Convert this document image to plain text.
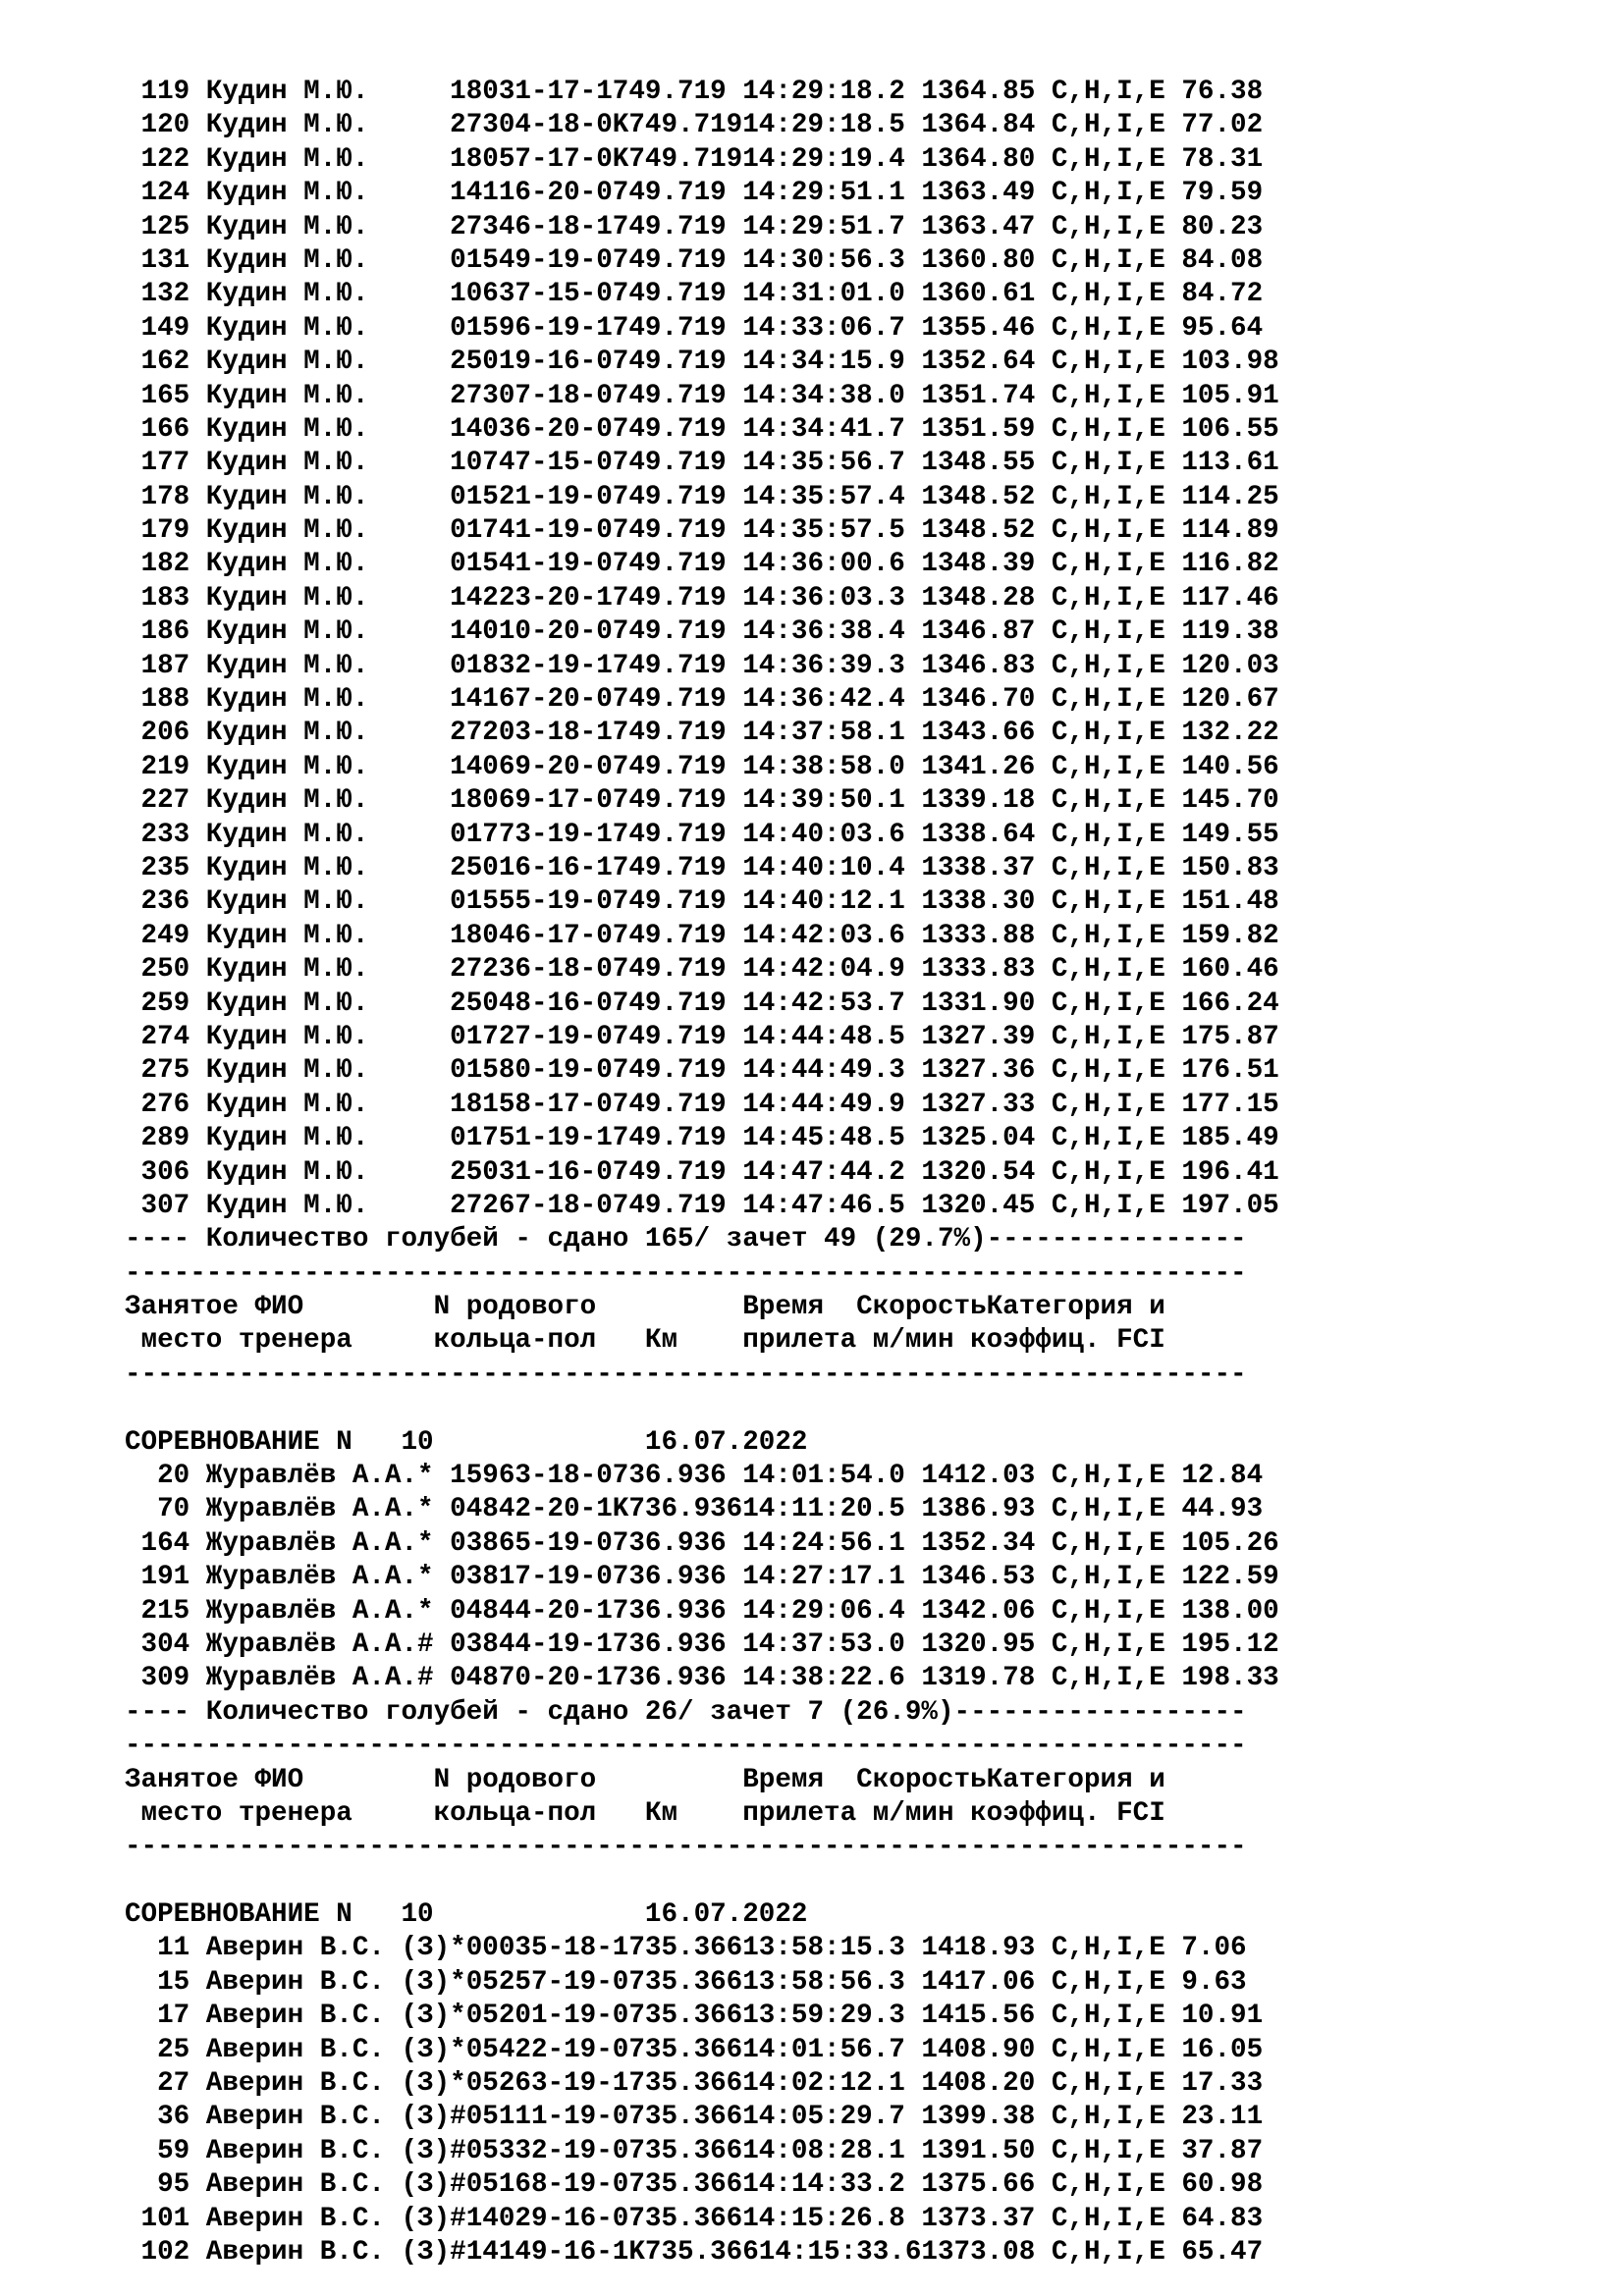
119 Кудин М.Ю.     18031-17-1749.719 14:29:18.2 1364.85 C,H,I,E 76.38
120 Кудин М.Ю.     27304-18-0K749.71914:29:18.5 1364.84 C,H,I,E 77.02
122 Кудин М.Ю.     18057-17-0K749.71914:29:19.4 1364.80 C,H,I,E 78.31
124 Кудин М.Ю.     14116-20-0749.719 14:29:51.1 1363.49 C,H,I,E 79.59
125 Кудин М.Ю.     27346-18-1749.719 14:29:51.7 1363.47 C,H,I,E 80.23
131 Кудин М.Ю.     01549-19-0749.719 14:30:56.3 1360.80 C,H,I,E 84.08
132 Кудин М.Ю.     10637-15-0749.719 14:31:01.0 1360.61 C,H,I,E 84.72
149 Кудин М.Ю.     01596-19-1749.719 14:33:06.7 1355.46 C,H,I,E 95.64
162 Кудин М.Ю.     25019-16-0749.719 14:34:15.9 1352.64 C,H,I,E 103.98
165 Кудин М.Ю.     27307-18-0749.719 14:34:38.0 1351.74 C,H,I,E 105.91
166 Кудин М.Ю.     14036-20-0749.719 14:34:41.7 1351.59 C,H,I,E 106.55
177 Кудин М.Ю.     10747-15-0749.719 14:35:56.7 1348.55 C,H,I,E 113.61
178 Кудин М.Ю.     01521-19-0749.719 14:35:57.4 1348.52 C,H,I,E 114.25
179 Кудин М.Ю.     01741-19-0749.719 14:35:57.5 1348.52 C,H,I,E 114.89
182 Кудин М.Ю.     01541-19-0749.719 14:36:00.6 1348.39 C,H,I,E 116.82
183 Кудин М.Ю.     14223-20-1749.719 14:36:03.3 1348.28 C,H,I,E 117.46
186 Кудин М.Ю.     14010-20-0749.719 14:36:38.4 1346.87 C,H,I,E 119.38
187 Кудин М.Ю.     01832-19-1749.719 14:36:39.3 1346.83 C,H,I,E 120.03
188 Кудин М.Ю.     14167-20-0749.719 14:36:42.4 1346.70 C,H,I,E 120.67
206 Кудин М.Ю.     27203-18-1749.719 14:37:58.1 1343.66 C,H,I,E 132.22
219 Кудин М.Ю.     14069-20-0749.719 14:38:58.0 1341.26 C,H,I,E 140.56
227 Кудин М.Ю.     18069-17-0749.719 14:39:50.1 1339.18 C,H,I,E 145.70
233 Кудин М.Ю.     01773-19-1749.719 14:40:03.6 1338.64 C,H,I,E 149.55
235 Кудин М.Ю.     25016-16-1749.719 14:40:10.4 1338.37 C,H,I,E 150.83
236 Кудин М.Ю.     01555-19-0749.719 14:40:12.1 1338.30 C,H,I,E 151.48
249 Кудин М.Ю.     18046-17-0749.719 14:42:03.6 1333.88 C,H,I,E 159.82
250 Кудин М.Ю.     27236-18-0749.719 14:42:04.9 1333.83 C,H,I,E 160.46
259 Кудин М.Ю.     25048-16-0749.719 14:42:53.7 1331.90 C,H,I,E 166.24
274 Кудин М.Ю.     01727-19-0749.719 14:44:48.5 1327.39 C,H,I,E 175.87
275 Кудин М.Ю.     01580-19-0749.719 14:44:49.3 1327.36 C,H,I,E 176.51
276 Кудин М.Ю.     18158-17-0749.719 14:44:49.9 1327.33 C,H,I,E 177.15
289 Кудин М.Ю.     01751-19-1749.719 14:45:48.5 1325.04 C,H,I,E 185.49
306 Кудин М.Ю.     25031-16-0749.719 14:47:44.2 1320.54 C,H,I,E 196.41
307 Кудин М.Ю.     27267-18-0749.719 14:47:46.5 1320.45 C,H,I,E 197.05
---- Количество голубей - сдано 165/ зачет 49 (29.7%)----------------
---------------------------------------------------------------------
Занятое ФИО        N родового         Время  СкоростьКатегория и
место тренера     кольца-пол   Км    прилета м/мин коэффиц. FCI
---------------------------------------------------------------------

СОРЕВНОВАНИЕ N   10             16.07.2022
20 Журавлёв А.А.* 15963-18-0736.936 14:01:54.0 1412.03 C,H,I,E 12.84
70 Журавлёв А.А.* 04842-20-1K736.93614:11:20.5 1386.93 C,H,I,E 44.93
164 Журавлёв А.А.* 03865-19-0736.936 14:24:56.1 1352.34 C,H,I,E 105.26
191 Журавлёв А.А.* 03817-19-0736.936 14:27:17.1 1346.53 C,H,I,E 122.59
215 Журавлёв А.А.* 04844-20-1736.936 14:29:06.4 1342.06 C,H,I,E 138.00
304 Журавлёв А.А.# 03844-19-1736.936 14:37:53.0 1320.95 C,H,I,E 195.12
309 Журавлёв А.А.# 04870-20-1736.936 14:38:22.6 1319.78 C,H,I,E 198.33
---- Количество голубей - сдано 26/ зачет 7 (26.9%)------------------
---------------------------------------------------------------------
Занятое ФИО        N родового         Время  СкоростьКатегория и
место тренера     кольца-пол   Км    прилета м/мин коэффиц. FCI
---------------------------------------------------------------------

СОРЕВНОВАНИЕ N   10             16.07.2022
11 Аверин В.С. (З)*00035-18-1735.36613:58:15.3 1418.93 C,H,I,E 7.06
15 Аверин В.С. (З)*05257-19-0735.36613:58:56.3 1417.06 C,H,I,E 9.63
17 Аверин В.С. (З)*05201-19-0735.36613:59:29.3 1415.56 C,H,I,E 10.91
25 Аверин В.С. (З)*05422-19-0735.36614:01:56.7 1408.90 C,H,I,E 16.05
27 Аверин В.С. (З)*05263-19-1735.36614:02:12.1 1408.20 C,H,I,E 17.33
36 Аверин В.С. (З)#05111-19-0735.36614:05:29.7 1399.38 C,H,I,E 23.11
59 Аверин В.С. (З)#05332-19-0735.36614:08:28.1 1391.50 C,H,I,E 37.87
95 Аверин В.С. (З)#05168-19-0735.36614:14:33.2 1375.66 C,H,I,E 60.98
101 Аверин В.С. (З)#14029-16-0735.36614:15:26.8 1373.37 C,H,I,E 64.83
102 Аверин В.С. (З)#14149-16-1K735.36614:15:33.61373.08 C,H,I,E 65.47
